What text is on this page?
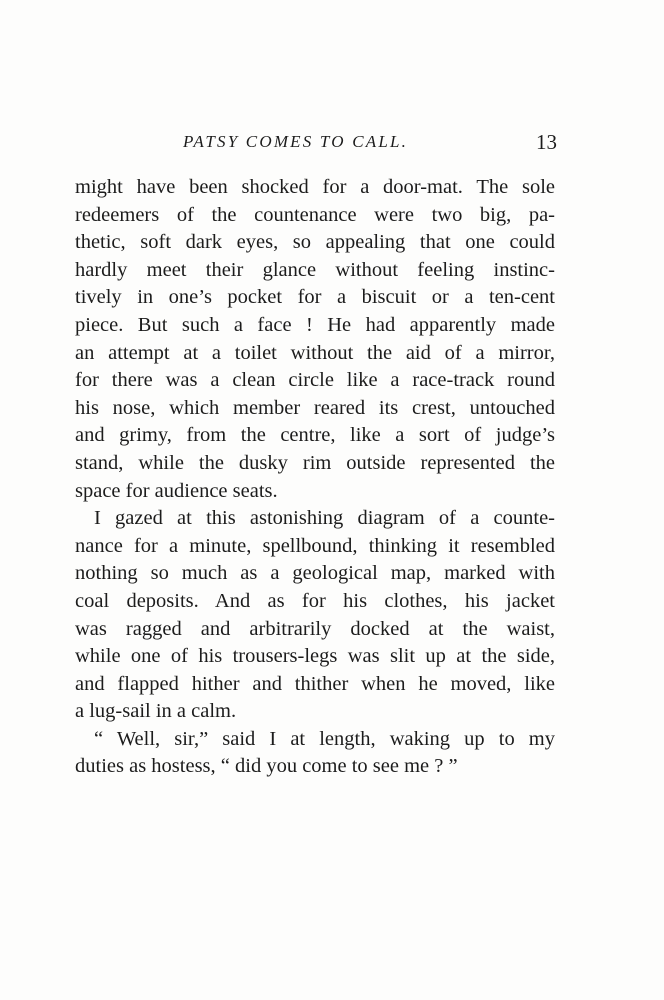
PATSY COMES TO CALL.	13
might have been shocked for a door-mat. The sole
redeemers of the countenance were two big, pa-
thetic, soft dark eyes, so appealing that one could
hardly meet their glance without feeling instinc-
tively in one’s pocket for a biscuit or a ten-cent
piece. But such a face ! He had apparently made
an attempt at a toilet without the aid of a mirror,
for there was a clean circle like a race-track round
his nose, which member reared its crest, untouched
and grimy, from the centre, like a sort of judge’s
stand, while the dusky rim outside represented the
space for audience seats.
I gazed at this astonishing diagram of a counte-
nance for a minute, spellbound, thinking it resembled
nothing so much as a geological map, marked with
coal deposits. And as for his clothes, his jacket
was ragged and arbitrarily docked at the waist,
while one of his trousers-legs was slit up at the side,
and flapped hither and thither when he moved, like
a lug-sail in a calm.
“ Well, sir,” said I at length, waking up to my
duties as hostess, “ did you come to see me ? ”
